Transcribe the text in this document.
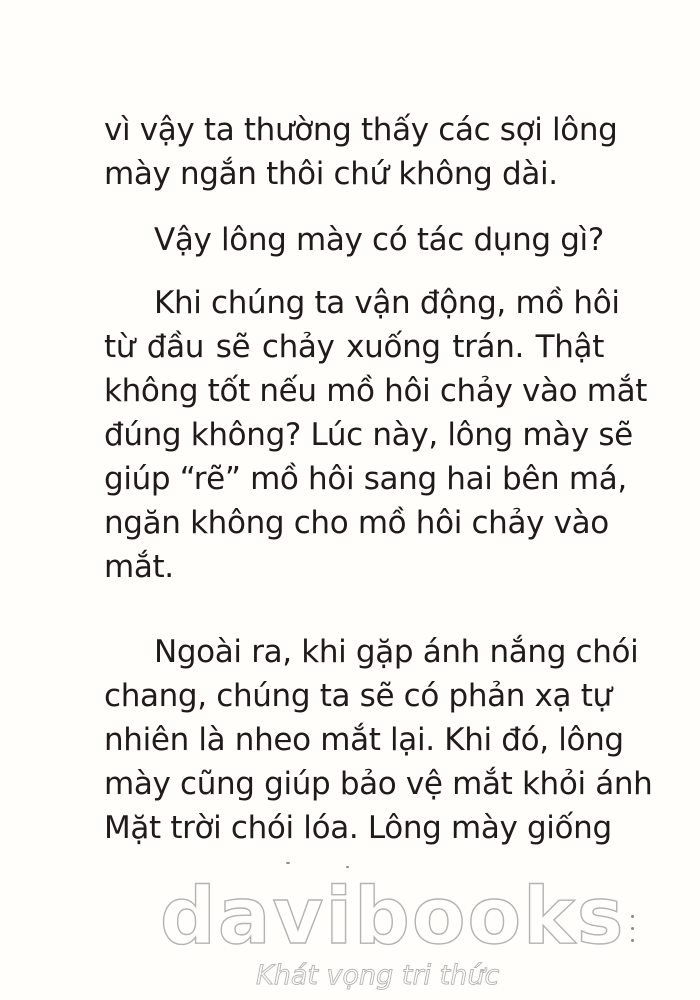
vì vậy ta thường thấy các sợi lông
mày ngắn thôi chứ không dài.
Vậy lông mày có tác dụng gì?
Khi chúng ta vận động, mồ hôi
từ đầu sẽ chảy xuống trán. Thật
không tốt nếu mồ hôi chảy vào mắt
đúng không? Lúc này, lông mày sẽ
giúp “rẽ” mồ hôi sang hai bên má,
ngăn không cho mồ hôi chảy vào
mắt.
Ngoài ra, khi gặp ánh nắng chói
chang, chúng ta sẽ có phản xạ tự
nhiên là nheo mắt lại. Khi đó, lông
mày cũng giúp bảo vệ mắt khỏi ánh
Mặt trời chói lóa. Lông mày giống
davibooks
Khát vọng tri thức
